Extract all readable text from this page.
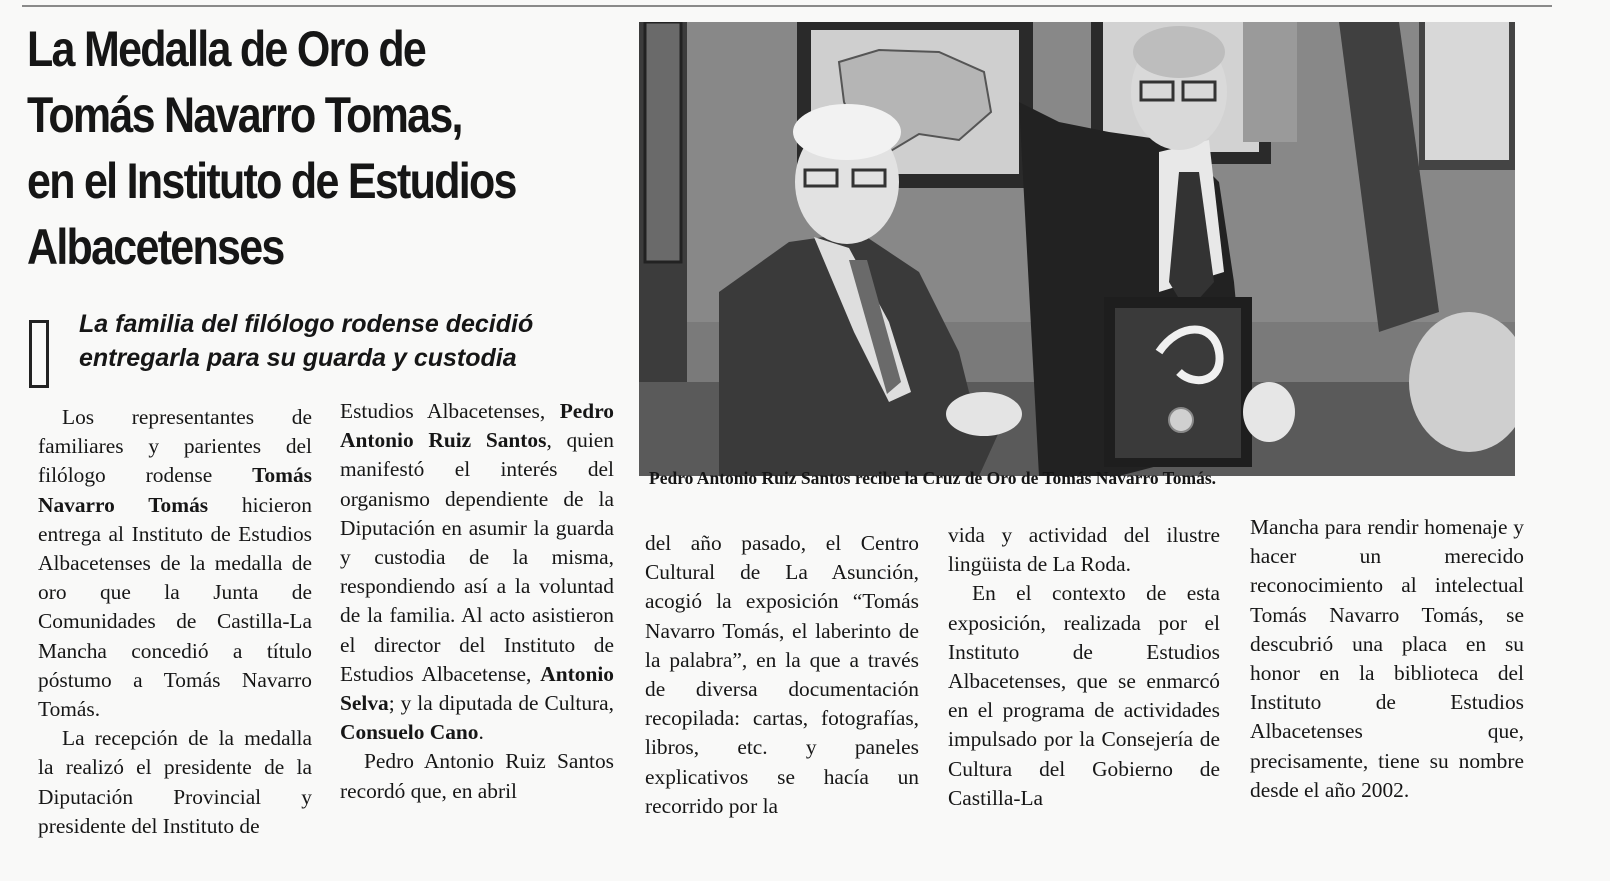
La Medalla de Oro de
Tomás Navarro Tomas,
en el Instituto de Estudios
Albacetenses
La familia del filólogo rodense decidió
entregarla para su guarda y custodia

Los representantes de familiares y parientes del filólogo rodense Tomás Navarro Tomás hicieron entrega al Instituto de Estudios Albacetenses de la medalla de oro que la Junta de Comunidades de Castilla-La Mancha concedió a título póstumo a Tomás Navarro Tomás.

La recepción de la medalla la realizó el presidente de la Diputación Provincial y presidente del Instituto de

Estudios Albacetenses, Pedro Antonio Ruiz Santos, quien manifestó el interés del organismo dependiente de la Diputación en asumir la guarda y custodia de la misma, respondiendo así a la voluntad de la familia. Al acto asistieron el director del Instituto de Estudios Albacetense, Antonio Selva; y la diputada de Cultura, Consuelo Cano.

Pedro Antonio Ruiz Santos recordó que, en abril

del año pasado, el Centro Cultural de La Asunción, acogió la exposición “Tomás Navarro Tomás, el laberinto de la palabra”, en la que a través de diversa documentación recopilada: cartas, fotografías, libros, etc. y paneles explicativos se hacía un recorrido por la

vida y actividad del ilustre lingüista de La Roda.

En el contexto de esta exposición, realizada por el Instituto de Estudios Albacetenses, que se enmarcó en el programa de actividades impulsado por la Consejería de Cultura del Gobierno de Castilla-La

Mancha para rendir homenaje y hacer un merecido reconocimiento al intelectual Tomás Navarro Tomás, se descubrió una placa en su honor en la biblioteca del Instituto de Estudios Albacetenses que, precisamente, tiene su nombre desde el año 2002.

Pedro Antonio Ruiz Santos recibe la Cruz de Oro de Tomás Navarro Tomás.
